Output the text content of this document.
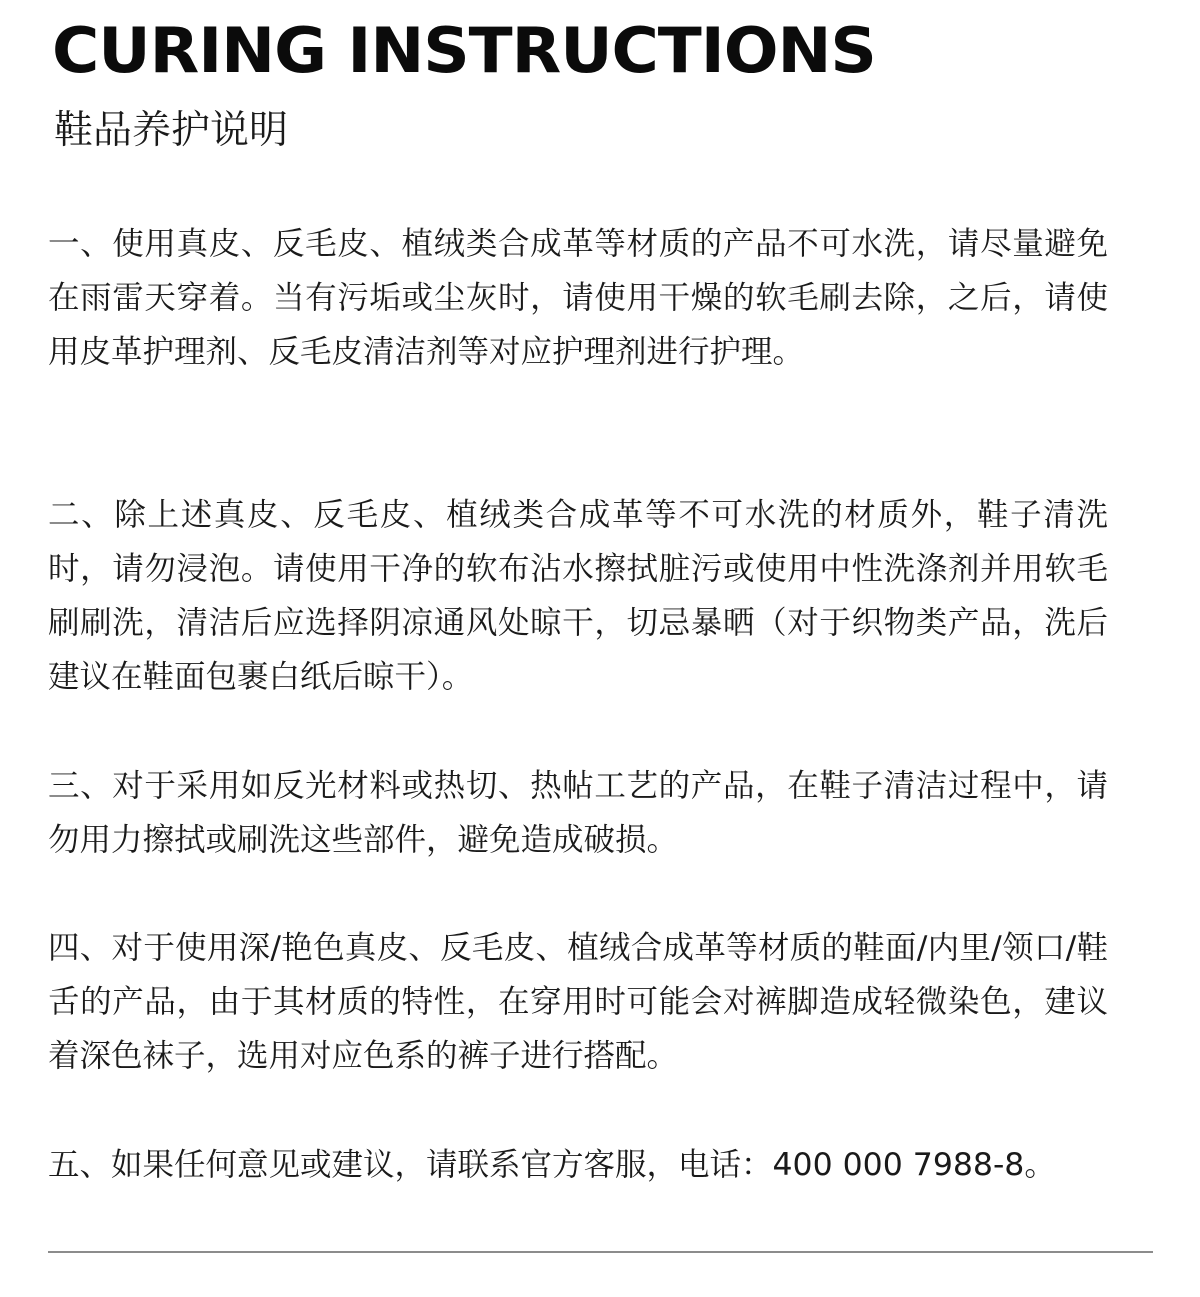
CURING INSTRUCTIONS
鞋品养护说明

一、使用真皮、反毛皮、植绒类合成革等材质的产品不可水洗，请尽量避免在雨雷天穿着。当有污垢或尘灰时，请使用干燥的软毛刷去除，之后，请使用皮革护理剂、反毛皮清洁剂等对应护理剂进行护理。

二、除上述真皮、反毛皮、植绒类合成革等不可水洗的材质外，鞋子清洗时，请勿浸泡。请使用干净的软布沾水擦拭脏污或使用中性洗涤剂并用软毛刷刷洗，清洁后应选择阴凉通风处晾干，切忌暴晒（对于织物类产品，洗后建议在鞋面包裹白纸后晾干）。

三、对于采用如反光材料或热切、热帖工艺的产品，在鞋子清洁过程中，请勿用力擦拭或刷洗这些部件，避免造成破损。

四、对于使用深/艳色真皮、反毛皮、植绒合成革等材质的鞋面/内里/领口/鞋舌的产品，由于其材质的特性，在穿用时可能会对裤脚造成轻微染色，建议着深色袜子，选用对应色系的裤子进行搭配。

五、如果任何意见或建议，请联系官方客服，电话：400 000 7988-8。
